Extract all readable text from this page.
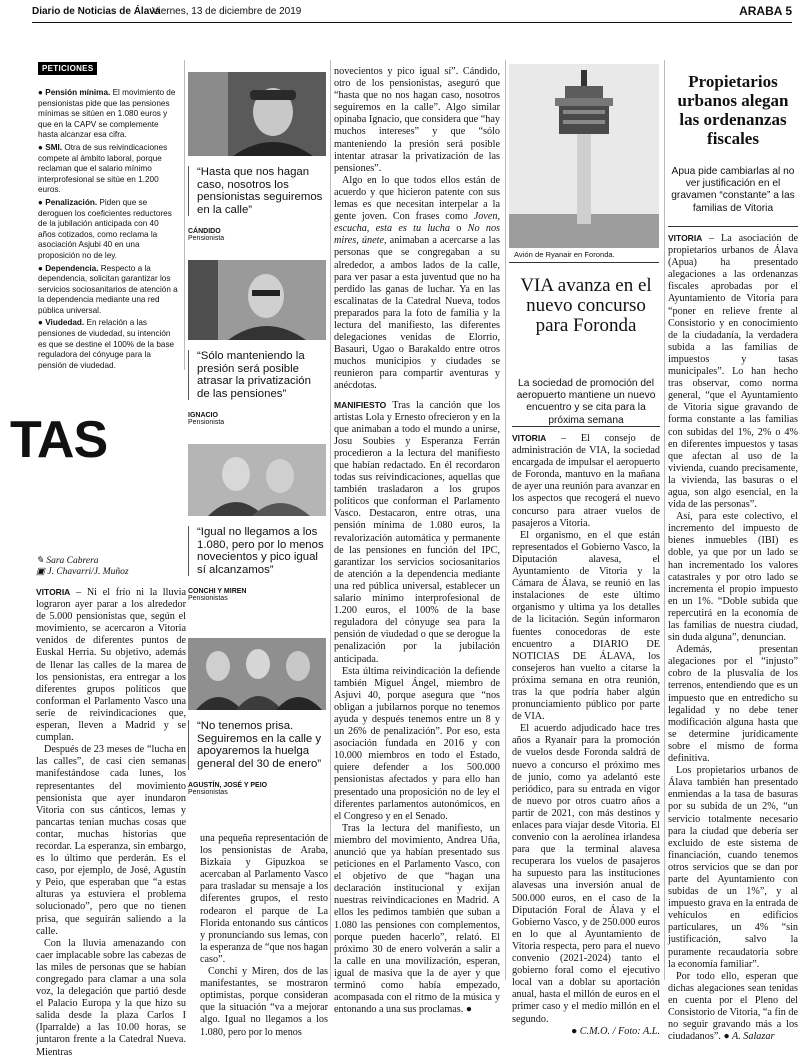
Diario de Noticias de Álava
Viernes, 13 de diciembre de 2019	ARABA 5
PETICIONES
● Pensión mínima. El movimiento de pensionistas pide que las pensiones mínimas se sitúen en 1.080 euros y que en la CAPV se complemente hasta alcanzar esa cifra.
● SMI. Otra de sus reivindicaciones compete al ámbito laboral, porque reclaman que el salario mínimo interprofesional se sitúe en 1.200 euros.
● Penalización. Piden que se deroguen los coeficientes reductores de la jubilación anticipada con 40 años cotizados, como reclama la asociación Asjubi 40 en una proposición no de ley.
● Dependencia. Respecto a la dependencia, solicitan garantizar los servicios sociosanitarios de atención a la dependencia mediante una red pública universal.
● Viudedad. En relación a las pensiones de viudedad, su intención es que se destine el 100% de la base reguladora del cónyuge para la pensión de viudedad.
TAS
✎ Sara Cabrera
▣ J. Chavarri/J. Muñoz

VITORIA – Ni el frío ni la lluvia lograron ayer parar a los alrededor de 5.000 pensionistas que, según el movimiento, se acercaron a Vitoria venidos de diferentes puntos de Euskal Herria. Su objetivo, además de llenar las calles de la marea de los pensionistas, era entregar a los diferentes grupos políticos que conforman el Parlamento Vasco una serie de reivindicaciones que, esperan, lleven a Madrid y se cumplan.

Después de 23 meses de “lucha en las calles”, de casi cien semanas manifestándose cada lunes, los representantes del movimiento pensionista que ayer inundaron Vitoria con sus cánticos, lemas y pancartas tenían muchas cosas que contar, muchas historias que recordar. La esperanza, sin embargo, es lo último que perderán. Es el caso, por ejemplo, de José, Agustín y Peio, que esperaban que “a estas alturas ya estuviera el problema solucionado”, pero que no tienen prisa, que seguirán saliendo a la calle.

Con la lluvia amenazando con caer implacable sobre las cabezas de las miles de personas que se habían congregado para clamar a una sola voz, la delegación que partió desde el Palacio Europa y la que hizo su salida desde la plaza Carlos I (Iparralde) a las 10.00 horas, se juntaron frente a la Catedral Nueva. Mientras

“Hasta que nos hagan caso, nosotros los pensionistas seguiremos en la calle”
CÁNDIDO
Pensionista
“Sólo manteniendo la presión será posible atrasar la privatización de las pensiones”
IGNACIO
Pensionista
“Igual no llegamos a los 1.080, pero por lo menos novecientos y pico igual sí alcanzamos”
CONCHI Y MIREN
Pensionistas
“No tenemos prisa. Seguiremos en la calle y apoyaremos la huelga general del 30 de enero”
AGUSTÍN, JOSÉ Y PEIO
Pensionistas

una pequeña representación de los pensionistas de Araba, Bizkaia y Gipuzkoa se acercaban al Parlamento Vasco para trasladar su mensaje a los diferentes grupos, el resto rodearon el parque de La Florida entonando sus cánticos y pronunciando sus lemas, con la esperanza de “que nos hagan caso”.

Conchi y Miren, dos de las manifestantes, se mostraron optimistas, porque consideran que la situación “va a mejorar algo. Igual no llegamos a los 1.080, pero por lo menos

novecientos y pico igual sí”. Cándido, otro de los pensionistas, aseguró que “hasta que no nos hagan caso, nosotros seguiremos en la calle”. Algo similar opinaba Ignacio, que considera que “hay muchos intereses” y que “sólo manteniendo la presión será posible intentar atrasar la privatización de las pensiones”.

Algo en lo que todos ellos están de acuerdo y que hicieron patente con sus lemas es que necesitan interpelar a la gente joven. Con frases como Joven, escucha, esta es tu lucha o No nos mires, únete, animaban a acercarse a las personas que se congregaban a su alrededor, a ambos lados de la calle, para ver pasar a esta juventud que no ha perdido las ganas de luchar. Ya en las escalinatas de la Catedral Nueva, todos preparados para la foto de familia y la lectura del manifiesto, las diferentes delegaciones venidas de Elorrio, Basauri, Ugao o Barakaldo entre otros muchos municipios y ciudades se reunieron para compartir aventuras y anécdotas.

MANIFIESTO Tras la canción que los artistas Lola y Ernesto ofrecieron y en la que animaban a todo el mundo a unirse, Josu Soubies y Esperanza Ferrán procedieron a la lectura del manifiesto que habían redactado. En él recordaron todas sus reivindicaciones, aquellas que también trasladaron a los grupos políticos que conforman el Parlamento Vasco. Destacaron, entre otras, una pensión mínima de 1.080 euros, la revalorización automática y permanente de las pensiones en función del IPC, garantizar los servicios sociosanitarios de atención a la dependencia mediante una red pública universal, establecer un salario mínimo interprofesional de 1.200 euros, el 100% de la base reguladora del cónyuge sea para la pensión de viudedad o que se derogue la penalización por la jubilación anticipada.

Esta última reivindicación la defiende también Miguel Ángel, miembro de Asjuvi 40, porque asegura que “nos obligan a jubilarnos porque no tenemos ayuda y después tenemos entre un 8 y un 26% de penalización”. Por eso, esta asociación fundada en 2016 y con 10.000 miembros en todo el Estado, quiere defender a los 500.000 pensionistas afectados y para ello han presentado una proposición no de ley el diferentes parlamentos autonómicos, en el Congreso y en el Senado.

Tras la lectura del manifiesto, un miembro del movimiento, Andrea Uña, anunció que ya habían presentado sus peticiones en el Parlamento Vasco, con el objetivo de que “hagan una declaración institucional y exijan nuestras reivindicaciones en Madrid. A ellos les pedimos también que suban a 1.080 las pensiones con complementos, porque pueden hacerlo”, relató. El próximo 30 de enero volverán a salir a la calle en una movilización, esperan, igual de masiva que la de ayer y que terminó como había empezado, acompasada con el ritmo de la música y entonando a una sus proclamas. ●

Avión de Ryanair en Foronda.
VIA avanza en el nuevo concurso para Foronda
La sociedad de promoción del aeropuerto mantiene un nuevo encuentro y se cita para la próxima semana

VITORIA – El consejo de administración de VIA, la sociedad encargada de impulsar el aeropuerto de Foronda, mantuvo en la mañana de ayer una reunión para avanzar en los aspectos que recogerá el nuevo concurso para atraer vuelos de pasajeros a Vitoria.

El organismo, en el que están representados el Gobierno Vasco, la Diputación alavesa, el Ayuntamiento de Vitoria y la Cámara de Álava, se reunió en las instalaciones de este último organismo y ultima ya los detalles de la licitación. Según informaron fuentes conocedoras de este encuentro a DIARIO DE NOTICIAS DE ÁLAVA, los consejeros han vuelto a citarse la próxima semana en otra reunión, tras la que podría haber algún pronunciamiento público por parte de VIA.

El acuerdo adjudicado hace tres años a Ryanair para la promoción de vuelos desde Foronda saldrá de nuevo a concurso el próximo mes de junio, como ya adelantó este periódico, para su entrada en vigor de nuevo por otros cuatro años a partir de 2021, con más destinos y enlaces para viajar desde Vitoria. El convenio con la aerolínea irlandesa para que la terminal alavesa recuperara los vuelos de pasajeros ha supuesto para las instituciones alavesas una inversión anual de 500.000 euros, en el caso de la Diputación Foral de Álava y el Gobierno Vasco, y de 250.000 euros en lo que al Ayuntamiento de Vitoria respecta, pero para el nuevo convenio (2021-2024) tanto el gobierno foral como el ejecutivo local van a doblar su aportación anual, hasta el millón de euros en el primer caso y el medio millón en el segundo.

● C.M.O. / Foto: A.L.

Propietarios urbanos alegan las ordenanzas fiscales
Apua pide cambiarlas al no ver justificación en el gravamen “constante” a las familias de Vitoria

VITORIA – La asociación de propietarios urbanos de Álava (Apua) ha presentado alegaciones a las ordenanzas fiscales aprobadas por el Ayuntamiento de Vitoria para “poner en relieve frente al Consistorio y en conocimiento de la ciudadanía, la verdadera subida a las familias de impuestos y tasas municipales”. Lo han hecho tras observar, como norma general, “que el Ayuntamiento de Vitoria sigue gravando de forma constante a las familias con subidas del 1%, 2% o 4% en diferentes impuestos y tasas que afectan al uso de la vivienda, cuando precisamente, la vivienda, las basuras o el agua, son algo esencial, en la vida de las personas”.

Así, para este colectivo, el incremento del impuesto de bienes inmuebles (IBI) es doble, ya que por un lado se han incrementado los valores catastrales y por otro lado se incrementa el propio impuesto en un 1%. “Doble subida que repercutirá en la economía de las familias de nuestra ciudad, sin duda alguna”, denuncian.

Además, presentan alegaciones por el “injusto” cobro de la plusvalía de los terrenos, entendiendo que es un impuesto que en entredicho su legalidad y no debe tener modificación alguna hasta que se determine jurídicamente sobre el mismo de forma definitiva.

Los propietarios urbanos de Álava también han presentado enmiendas a la tasa de basuras por su subida de un 2%, “un servicio totalmente necesario para la ciudad que debería ser excluido de este sistema de financiación, cuando tenemos otros servicios que se dan por parte del Ayuntamiento con subidas de un 1%”, y al impuesto grava en la entrada de vehículos en edificios particulares, un 4% “sin justificación, salvo la puramente recaudatoria sobre la economía familiar”.

Por todo ello, esperan que dichas alegaciones sean tenidas en cuenta por el Pleno del Consistorio de Vitoria, “a fin de no seguir gravando más a los ciudadanos”. ● A. Salazar
